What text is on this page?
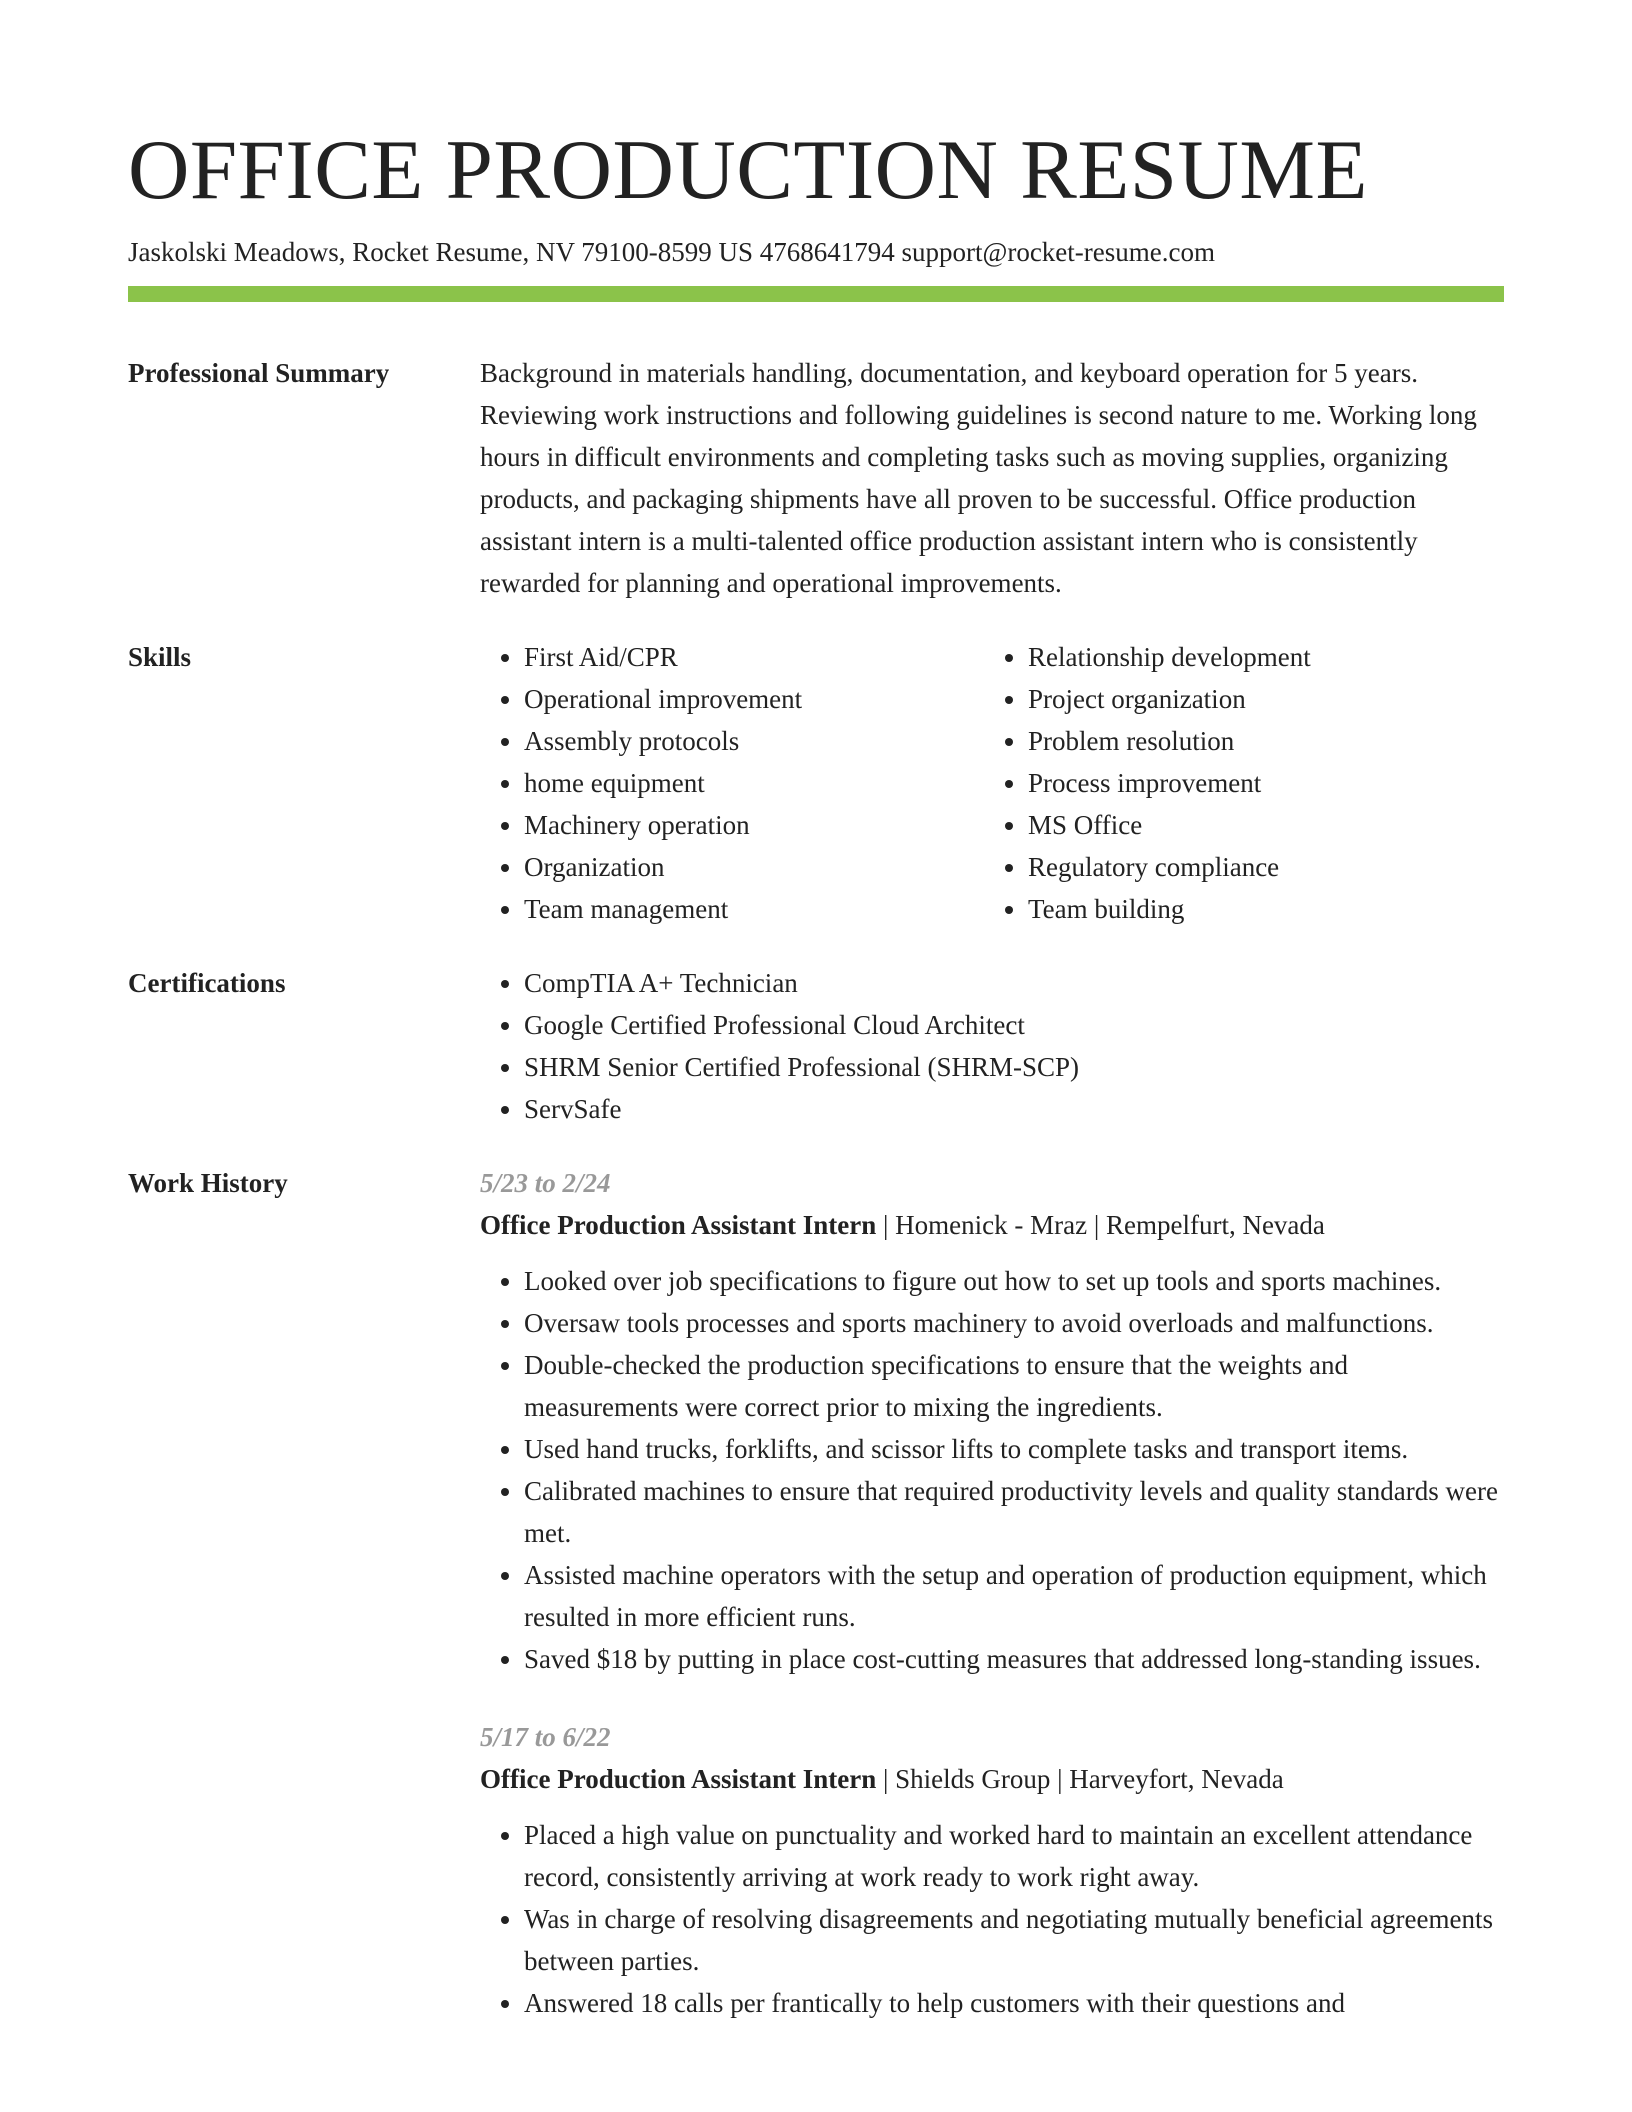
OFFICE PRODUCTION RESUME
Jaskolski Meadows, Rocket Resume, NV 79100-8599 US 4768641794 support@rocket-resume.com
Professional Summary	Background in materials handling, documentation, and keyboard operation for 5 years. Reviewing work instructions and following guidelines is second nature to me. Working long hours in difficult environments and completing tasks such as moving supplies, organizing products, and packaging shipments have all proven to be successful. Office production assistant intern is a multi-talented office production assistant intern who is consistently rewarded for planning and operational improvements.
Skills	• First Aid/CPR
• Operational improvement
• Assembly protocols
• home equipment
• Machinery operation
• Organization
• Team management
• Relationship development
• Project organization
• Problem resolution
• Process improvement
• MS Office
• Regulatory compliance
• Team building
Certifications	• CompTIA A+ Technician
• Google Certified Professional Cloud Architect
• SHRM Senior Certified Professional (SHRM-SCP)
• ServSafe
Work History	5/23 to 2/24
Office Production Assistant Intern | Homenick - Mraz | Rempelfurt, Nevada
• Looked over job specifications to figure out how to set up tools and sports machines.
• Oversaw tools processes and sports machinery to avoid overloads and malfunctions.
• Double-checked the production specifications to ensure that the weights and measurements were correct prior to mixing the ingredients.
• Used hand trucks, forklifts, and scissor lifts to complete tasks and transport items.
• Calibrated machines to ensure that required productivity levels and quality standards were met.
• Assisted machine operators with the setup and operation of production equipment, which resulted in more efficient runs.
• Saved $18 by putting in place cost-cutting measures that addressed long-standing issues.
5/17 to 6/22
Office Production Assistant Intern | Shields Group | Harveyfort, Nevada
• Placed a high value on punctuality and worked hard to maintain an excellent attendance record, consistently arriving at work ready to work right away.
• Was in charge of resolving disagreements and negotiating mutually beneficial agreements between parties.
• Answered 18 calls per frantically to help customers with their questions and
